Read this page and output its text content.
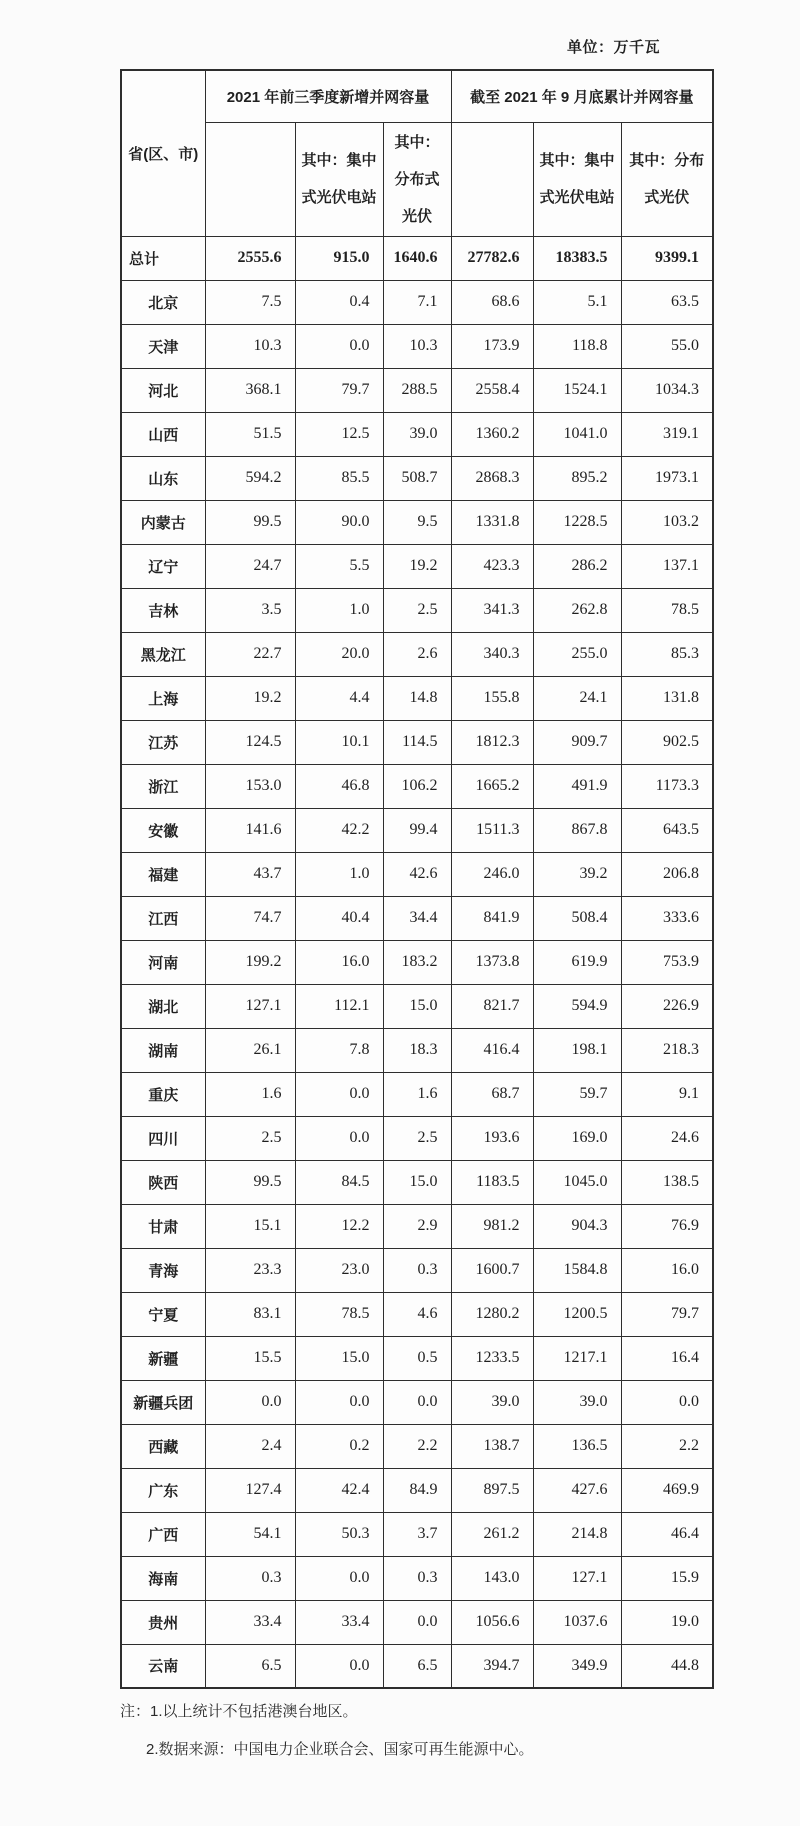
单位：万千瓦
省(区、市)	2021 年前三季度新增并网容量			截至 2021 年 9 月底累计并网容量		
		其中：集中式光伏电站	其中：分布式光伏		其中：集中式光伏电站	其中：分布式光伏
总计	2555.6	915.0	1640.6	27782.6	18383.5	9399.1
北京	7.5	0.4	7.1	68.6	5.1	63.5
天津	10.3	0.0	10.3	173.9	118.8	55.0
河北	368.1	79.7	288.5	2558.4	1524.1	1034.3
山西	51.5	12.5	39.0	1360.2	1041.0	319.1
山东	594.2	85.5	508.7	2868.3	895.2	1973.1
内蒙古	99.5	90.0	9.5	1331.8	1228.5	103.2
辽宁	24.7	5.5	19.2	423.3	286.2	137.1
吉林	3.5	1.0	2.5	341.3	262.8	78.5
黑龙江	22.7	20.0	2.6	340.3	255.0	85.3
上海	19.2	4.4	14.8	155.8	24.1	131.8
江苏	124.5	10.1	114.5	1812.3	909.7	902.5
浙江	153.0	46.8	106.2	1665.2	491.9	1173.3
安徽	141.6	42.2	99.4	1511.3	867.8	643.5
福建	43.7	1.0	42.6	246.0	39.2	206.8
江西	74.7	40.4	34.4	841.9	508.4	333.6
河南	199.2	16.0	183.2	1373.8	619.9	753.9
湖北	127.1	112.1	15.0	821.7	594.9	226.9
湖南	26.1	7.8	18.3	416.4	198.1	218.3
重庆	1.6	0.0	1.6	68.7	59.7	9.1
四川	2.5	0.0	2.5	193.6	169.0	24.6
陕西	99.5	84.5	15.0	1183.5	1045.0	138.5
甘肃	15.1	12.2	2.9	981.2	904.3	76.9
青海	23.3	23.0	0.3	1600.7	1584.8	16.0
宁夏	83.1	78.5	4.6	1280.2	1200.5	79.7
新疆	15.5	15.0	0.5	1233.5	1217.1	16.4
新疆兵团	0.0	0.0	0.0	39.0	39.0	0.0
西藏	2.4	0.2	2.2	138.7	136.5	2.2
广东	127.4	42.4	84.9	897.5	427.6	469.9
广西	54.1	50.3	3.7	261.2	214.8	46.4
海南	0.3	0.0	0.3	143.0	127.1	15.9
贵州	33.4	33.4	0.0	1056.6	1037.6	19.0
云南	6.5	0.0	6.5	394.7	349.9	44.8
注：1.以上统计不包括港澳台地区。
2.数据来源：中国电力企业联合会、国家可再生能源中心。
